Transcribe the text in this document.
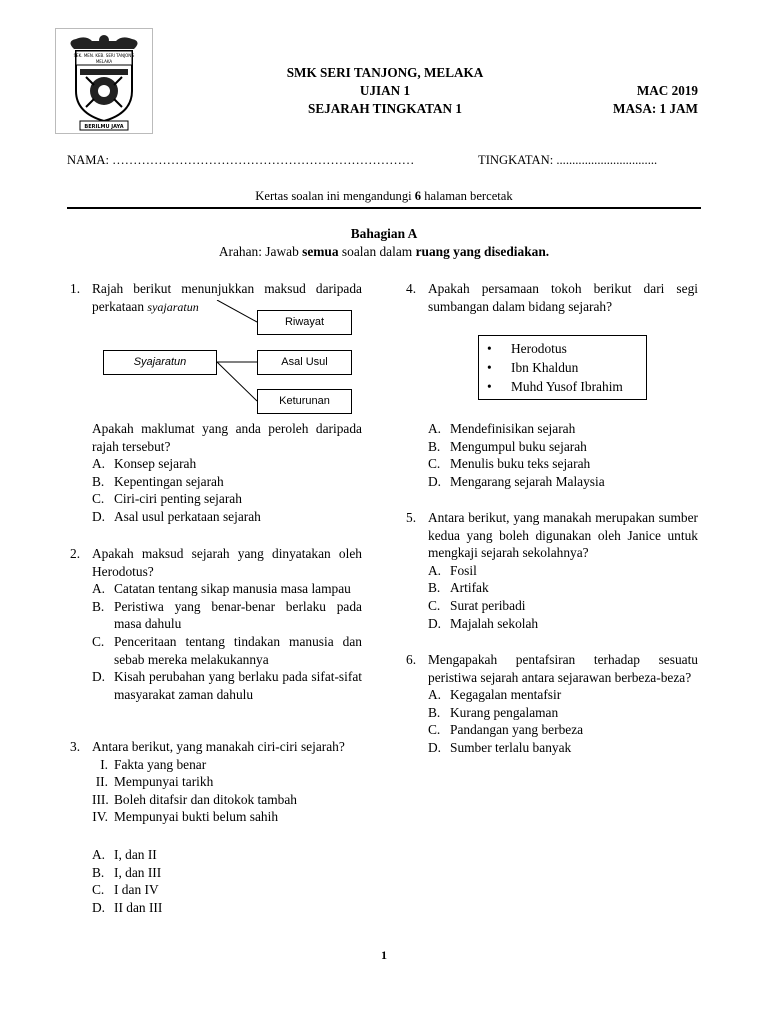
SEK. MEN. KEB. SERI TANJONG
MELAKA
BERILMU JAYA
SMK SERI TANJONG, MELAKA
UJIAN 1
SEJARAH TINGKATAN 1
MAC 2019
MASA: 1 JAM
NAMA: ………………………………………………………………	TINGKATAN: ................................
Kertas soalan ini mengandungi 6 halaman bercetak
Bahagian A
Arahan: Jawab semua soalan dalam ruang yang disediakan.
1. Rajah berikut menunjukkan maksud daripada perkataan syajaratun
Syajaratun
Riwayat
Asal Usul
Keturunan
Apakah maklumat yang anda peroleh daripada rajah tersebut?
A. Konsep sejarah
B. Kepentingan sejarah
C. Ciri-ciri penting sejarah
D. Asal usul perkataan sejarah
2. Apakah maksud sejarah yang dinyatakan oleh Herodotus?
A. Catatan tentang sikap manusia masa lampau
B. Peristiwa yang benar-benar berlaku pada masa dahulu
C. Penceritaan tentang tindakan manusia dan sebab mereka melakukannya
D. Kisah perubahan yang berlaku pada sifat-sifat masyarakat zaman dahulu
3. Antara berikut, yang manakah ciri-ciri sejarah?
I. Fakta yang benar
II. Mempunyai tarikh
III. Boleh ditafsir dan ditokok tambah
IV. Mempunyai bukti belum sahih
A. I, dan II
B. I, dan III
C. I dan IV
D. II dan III
4. Apakah persamaan tokoh berikut dari segi sumbangan dalam bidang sejarah?
•	Herodotus
•	Ibn Khaldun
•	Muhd Yusof Ibrahim
A. Mendefinisikan sejarah
B. Mengumpul buku sejarah
C. Menulis buku teks sejarah
D. Mengarang sejarah Malaysia
5. Antara berikut, yang manakah merupakan sumber kedua yang boleh digunakan oleh Janice untuk mengkaji sejarah sekolahnya?
A. Fosil
B. Artifak
C. Surat peribadi
D. Majalah sekolah
6. Mengapakah pentafsiran terhadap sesuatu peristiwa sejarah antara sejarawan berbeza-beza?
A. Kegagalan mentafsir
B. Kurang pengalaman
C. Pandangan yang berbeza
D. Sumber terlalu banyak
1
